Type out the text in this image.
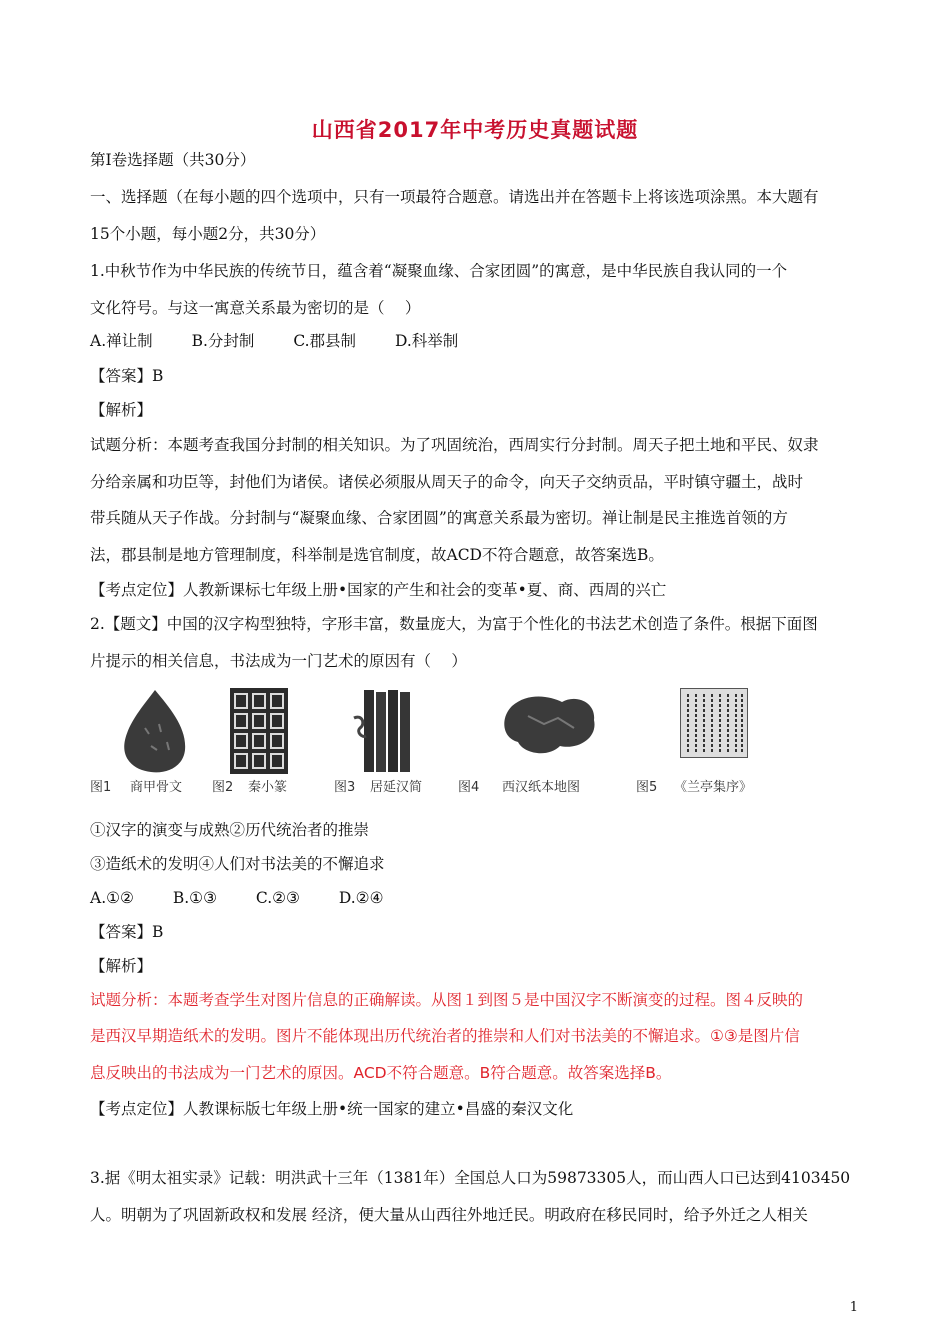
山西省2017年中考历史真题试题
第I卷选择题（共30分）
一、选择题（在每小题的四个选项中，只有一项最符合题意。请选出并在答题卡上将该选项涂黑。本大题有
15个小题，每小题2分，共30分）
1.中秋节作为中华民族的传统节日，蕴含着“凝聚血缘、合家团圆”的寓意，是中华民族自我认同的一个
文化符号。与这一寓意关系最为密切的是（　 ）
A.禅让制	B.分封制	C.郡县制	D.科举制
【答案】B
【解析】
试题分析：本题考查我国分封制的相关知识。为了巩固统治，西周实行分封制。周天子把土地和平民、奴隶
分给亲属和功臣等，封他们为诸侯。诸侯必须服从周天子的命令，向天子交纳贡品，平时镇守疆土，战时
带兵随从天子作战。分封制与“凝聚血缘、合家团圆”的寓意关系最为密切。禅让制是民主推选首领的方
法，郡县制是地方管理制度，科举制是选官制度，故ACD不符合题意，故答案选B。
【考点定位】人教新课标七年级上册•国家的产生和社会的变革•夏、商、西周的兴亡
2.【题文】中国的汉字构型独特，字形丰富，数量庞大，为富于个性化的书法艺术创造了条件。根据下面图
片提示的相关信息，书法成为一门艺术的原因有（　 ）
图1 商甲骨文 图2 秦小篆	图3 居延汉简	图4 西汉纸本地图	图5 《兰亭集序》
①汉字的演变与成熟②历代统治者的推崇
③造纸术的发明④人们对书法美的不懈追求
A.①②	B.①③	C.②③	D.②④
【答案】B
【解析】
试题分析：本题考查学生对图片信息的正确解读。从图１到图５是中国汉字不断演变的过程。图４反映的
是西汉早期造纸术的发明。图片不能体现出历代统治者的推崇和人们对书法美的不懈追求。①③是图片信
息反映出的书法成为一门艺术的原因。ACD不符合题意。B符合题意。故答案选择B。
【考点定位】人教课标版七年级上册•统一国家的建立•昌盛的秦汉文化
3.据《明太祖实录》记载：明洪武十三年（1381年）全国总人口为59873305人，而山西人口已达到4103450
人。明朝为了巩固新政权和发展 经济，便大量从山西往外地迁民。明政府在移民同时，给予外迁之人相关
1
